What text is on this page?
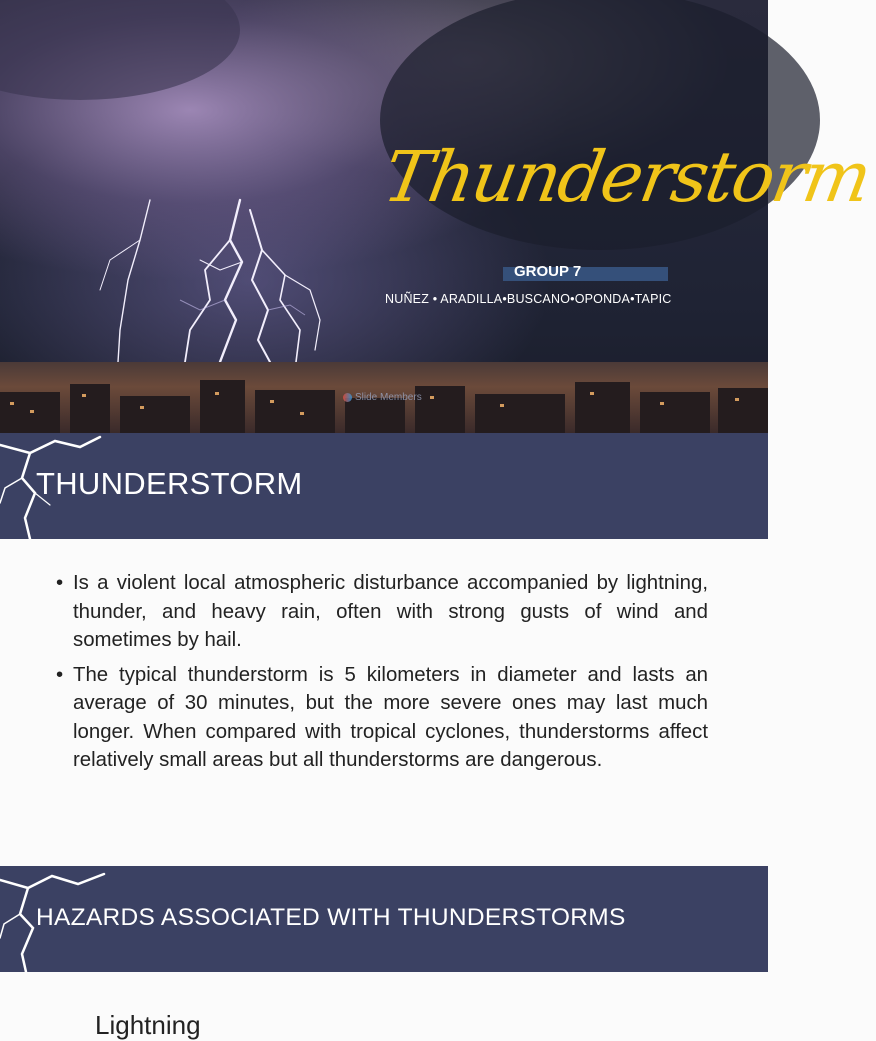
Thunderstorm
GROUP 7
NUÑEZ • ARADILLA•BUSCANO•OPONDA•TAPIC
Slide Members
THUNDERSTORM
• Is a violent local atmospheric disturbance accompanied by lightning, thunder, and heavy rain, often with strong gusts of wind and sometimes by hail.
• The typical thunderstorm is 5 kilometers in diameter and lasts an average of 30 minutes, but the more severe ones may last much longer. When compared with tropical cyclones, thunderstorms affect relatively small areas but all thunderstorms are dangerous.
HAZARDS ASSOCIATED WITH THUNDERSTORMS
Lightning
